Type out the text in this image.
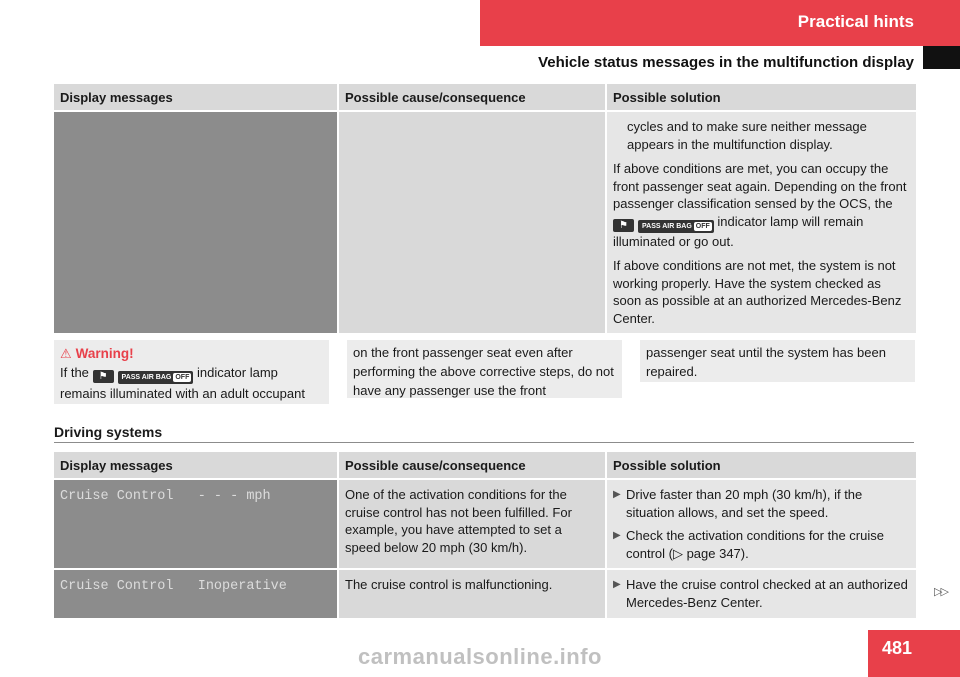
Practical hints
Vehicle status messages in the multifunction display
Display messages	Possible cause/consequence	Possible solution

		cycles and to make sure neither message appears in the multifunction display.

If above conditions are met, you can occupy the front passenger seat again. Depending on the front passenger classification sensed by the OCS, the ⚑ PASS AIR BAG OFF indicator lamp will remain illuminated or go out.

If above conditions are not met, the system is not working properly. Have the system checked as soon as possible at an authorized Mercedes-Benz Center.

⚠ Warning!
If the ⚑ PASS AIR BAG OFF indicator lamp remains illuminated with an adult occupant
on the front passenger seat even after performing the above corrective steps, do not have any passenger use the front
passenger seat until the system has been repaired.
Driving systems
Display messages	Possible cause/consequence	Possible solution
Cruise Control   - - - mph	One of the activation conditions for the cruise control has not been fulfilled. For example, you have attempted to set a speed below 20 mph (30 km/h).	▶ Drive faster than 20 mph (30 km/h), if the situation allows, and set the speed.
▶ Check the activation conditions for the cruise control (▷ page 347).

Cruise Control   Inoperative	The cruise control is malfunctioning.	▶ Have the cruise control checked at an authorized Mercedes-Benz Center.
▷▷
481
carmanualsonline.info
